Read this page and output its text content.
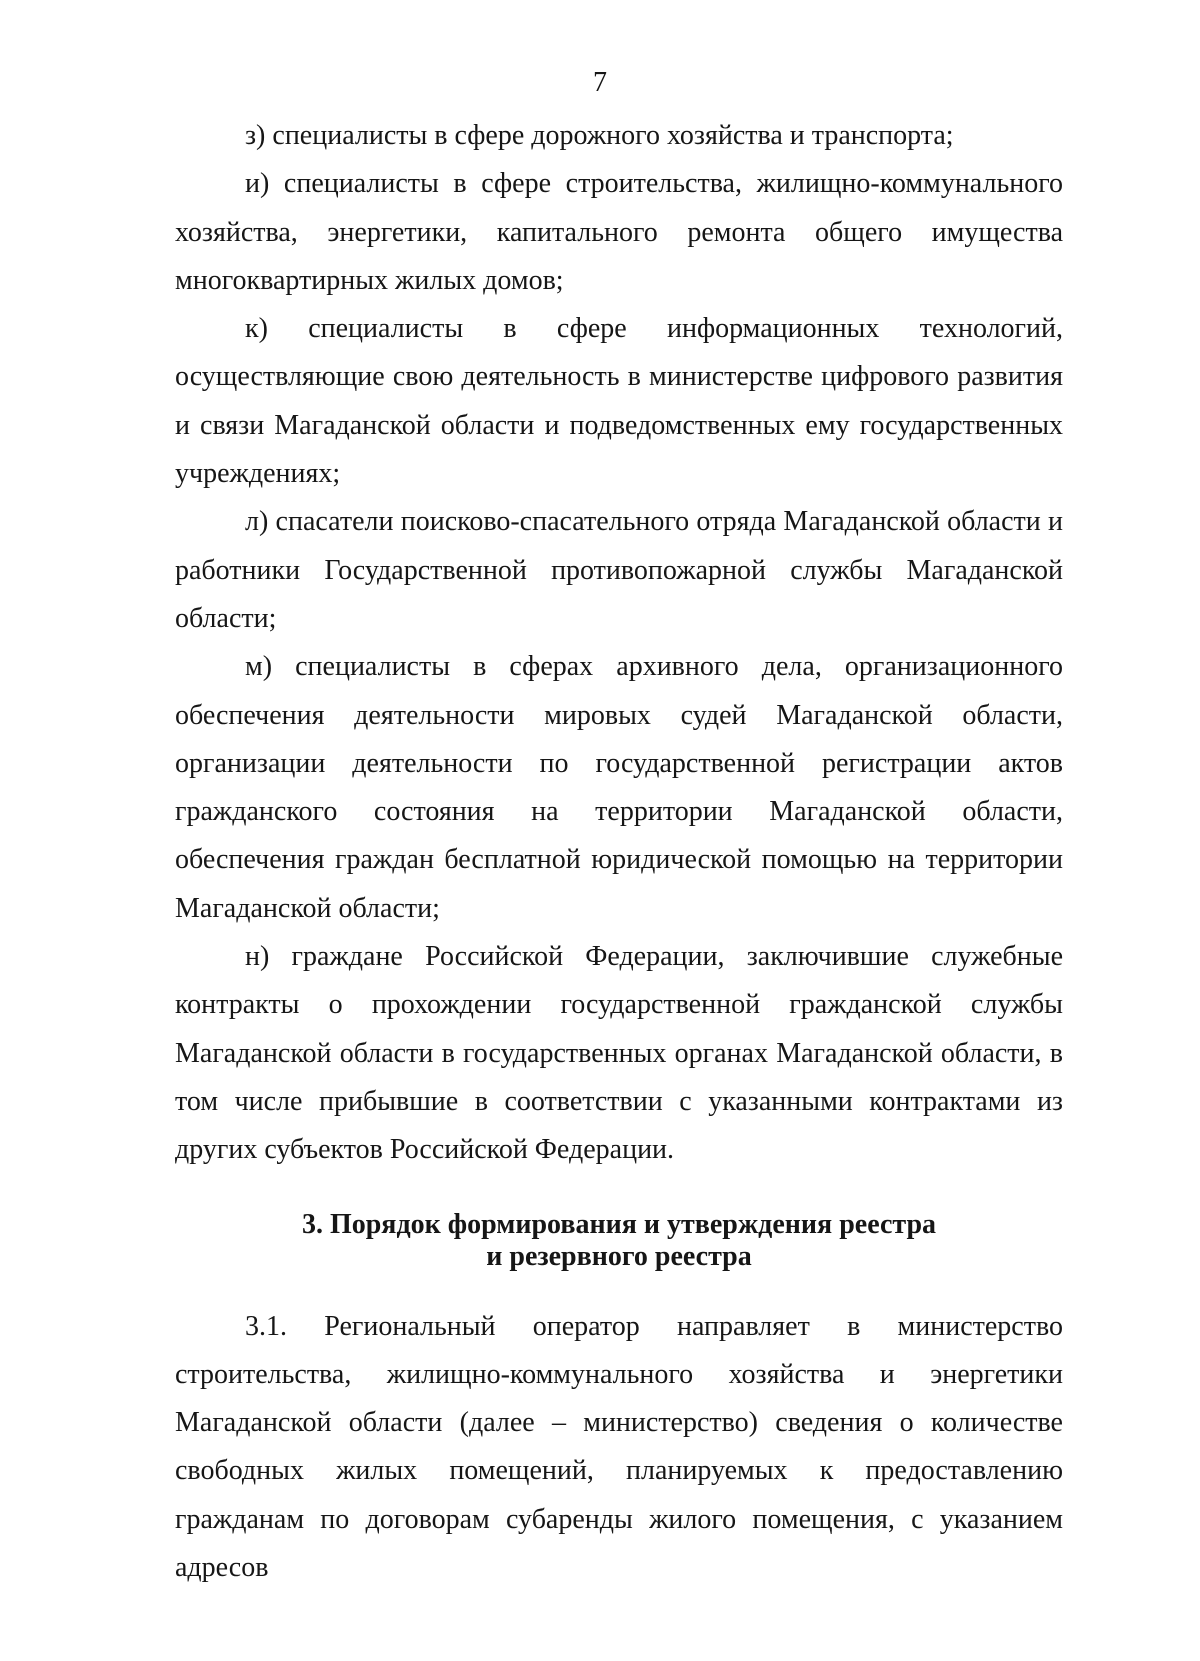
7

з) специалисты в сфере дорожного хозяйства и транспорта;

и) специалисты в сфере строительства, жилищно-коммунального хозяйства, энергетики, капитального ремонта общего имущества многоквартирных жилых домов;

к) специалисты в сфере информационных технологий, осуществляющие свою деятельность в министерстве цифрового развития и связи Магаданской области и подведомственных ему государственных учреждениях;

л) спасатели поисково-спасательного отряда Магаданской области и работники Государственной противопожарной службы Магаданской области;

м) специалисты в сферах архивного дела, организационного обеспечения деятельности мировых судей Магаданской области, организации деятельности по государственной регистрации актов гражданского состояния на территории Магаданской области, обеспечения граждан бесплатной юридической помощью на территории Магаданской области;

н) граждане Российской Федерации, заключившие служебные контракты о прохождении государственной гражданской службы Магаданской области в государственных органах Магаданской области, в том числе прибывшие в соответствии с указанными контрактами из других субъектов Российской Федерации.

3. Порядок формирования и утверждения реестра
и резервного реестра

3.1. Региональный оператор направляет в министерство строительства, жилищно-коммунального хозяйства и энергетики Магаданской области (далее – министерство) сведения о количестве свободных жилых помещений, планируемых к предоставлению гражданам по договорам субаренды жилого помещения, с указанием адресов
